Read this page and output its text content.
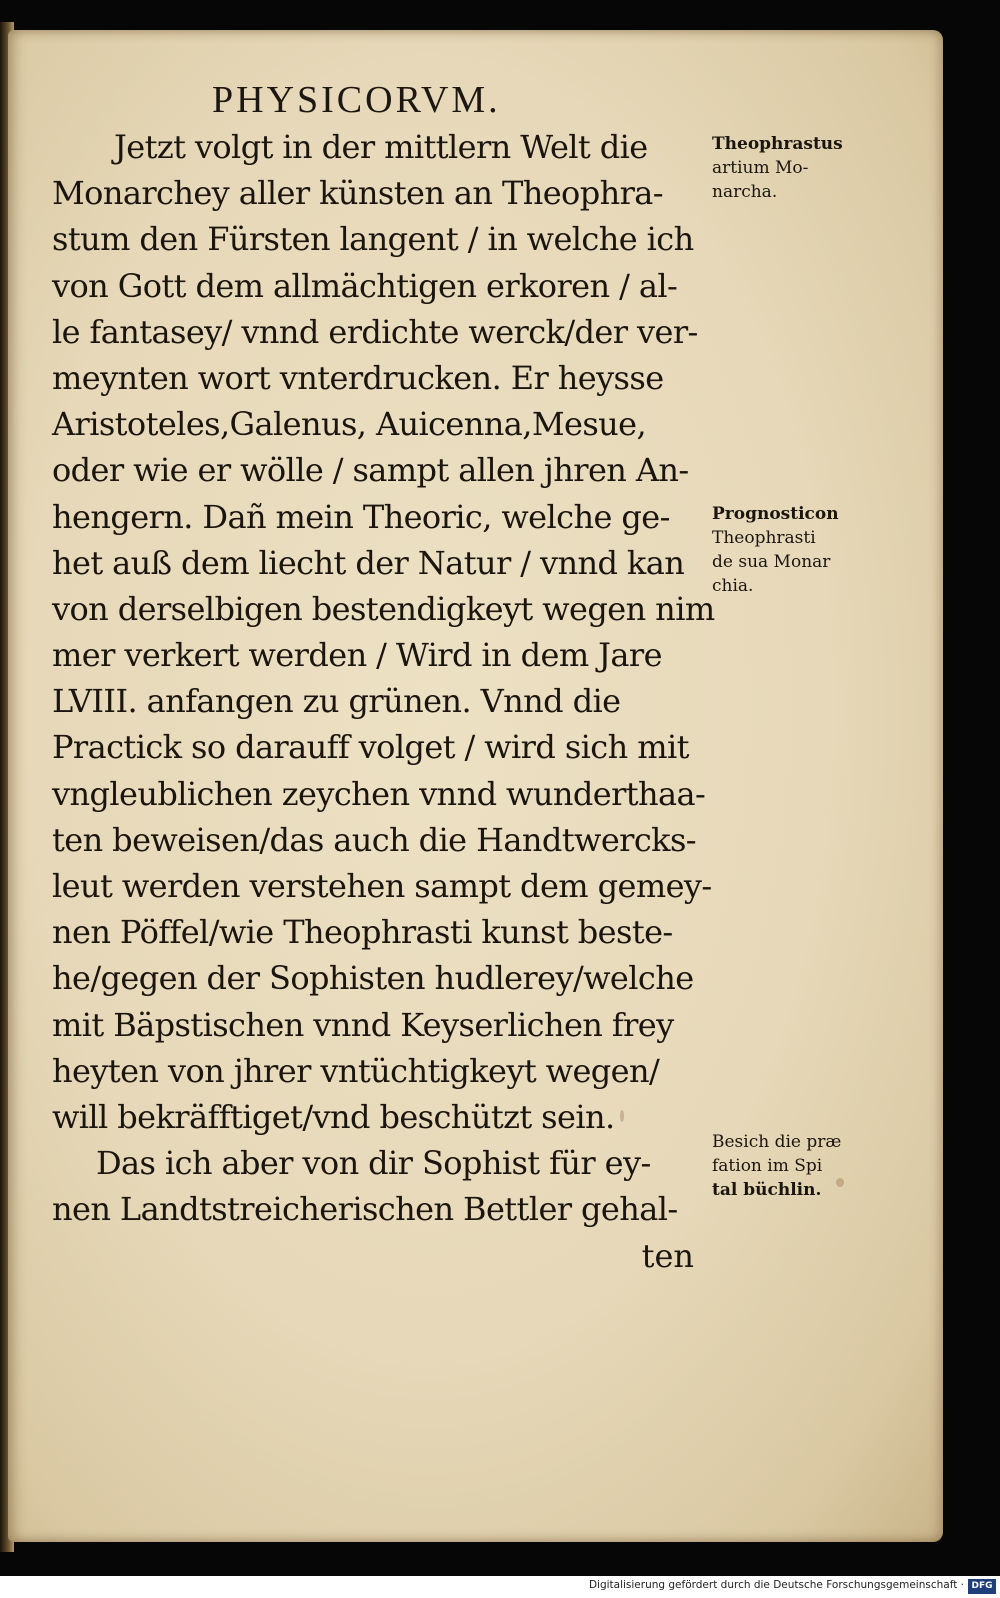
PHYSICORVM.
Jetzt volgt in der mittlern Welt die
Monarchey aller künsten an Theophra-
stum den Fürsten langent / in welche ich
von Gott dem allmächtigen erkoren / al-
le fantasey/ vnnd erdichte werck/der ver-
meynten wort vnterdrucken. Er heysse
Aristoteles,Galenus, Auicenna,Mesue,
oder wie er wölle / sampt allen jhren An-
hengern. Dañ mein Theoric, welche ge-
het auß dem liecht der Natur / vnnd kan
von derselbigen bestendigkeyt wegen nim
mer verkert werden / Wird in dem Jare
LVIII. anfangen zu grünen. Vnnd die
Practick so darauff volget / wird sich mit
vngleublichen zeychen vnnd wunderthaa-
ten beweisen/das auch die Handtwercks-
leut werden verstehen sampt dem gemey-
nen Pöffel/wie Theophrasti kunst beste-
he/gegen der Sophisten hudlerey/welche
mit Bäpstischen vnnd Keyserlichen frey
heyten von jhrer vntüchtigkeyt wegen/
will bekräfftiget/vnd beschützt sein.
Das ich aber von dir Sophist für ey-
nen Landtstreicherischen Bettler gehal-
ten
Theophrastus
artium Mo-
narcha.
Prognosticon
Theophrasti
de sua Monar
chia.
Besich die præ
fation im Spi
tal büchlin.
Digitalisierung gefördert durch die Deutsche Forschungsgemeinschaft · DFG
